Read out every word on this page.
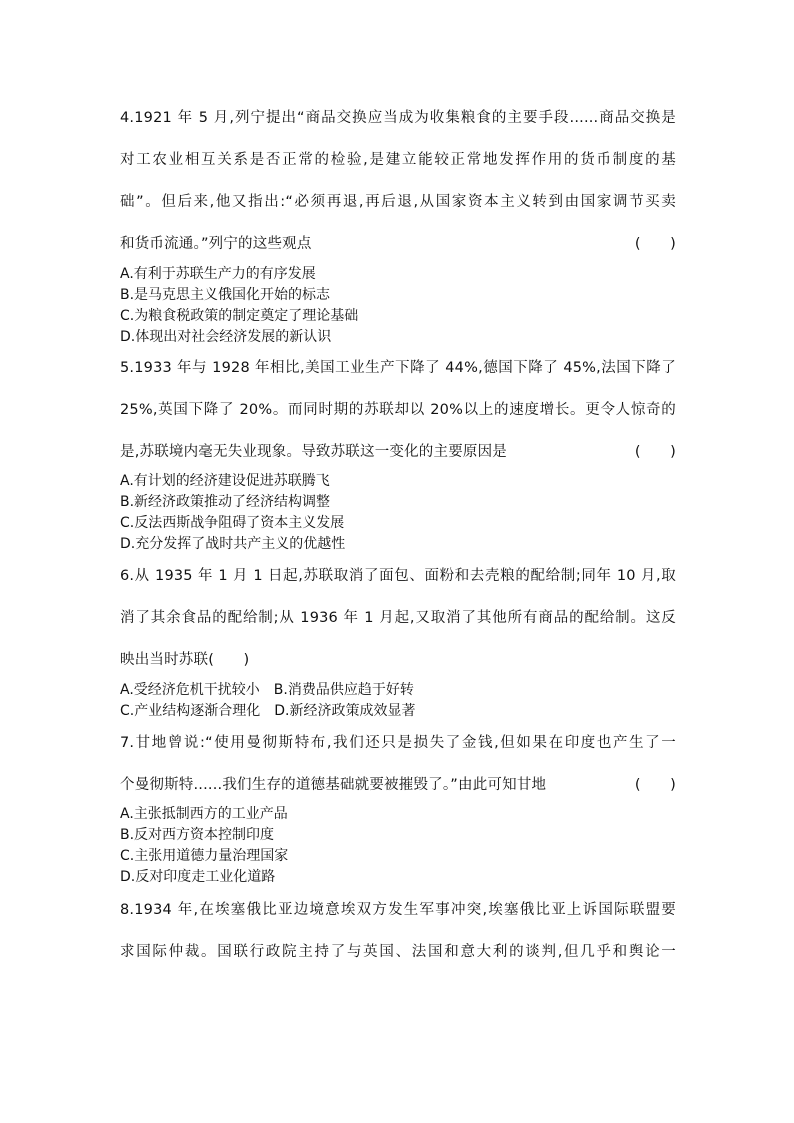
4.1921 年 5 月,列宁提出“商品交换应当成为收集粮食的主要手段......商品交换是
对工农业相互关系是否正常的检验,是建立能较正常地发挥作用的货币制度的基
础”。但后来,他又指出:“必须再退,再后退,从国家资本主义转到由国家调节买卖
和货币流通。”列宁的这些观点	(　　)
A.有利于苏联生产力的有序发展
B.是马克思主义俄国化开始的标志
C.为粮食税政策的制定奠定了理论基础
D.体现出对社会经济发展的新认识
5.1933 年与 1928 年相比,美国工业生产下降了 44%,德国下降了 45%,法国下降了
25%,英国下降了 20%。而同时期的苏联却以 20%以上的速度增长。更令人惊奇的
是,苏联境内毫无失业现象。导致苏联这一变化的主要原因是	(　　)
A.有计划的经济建设促进苏联腾飞
B.新经济政策推动了经济结构调整
C.反法西斯战争阻碍了资本主义发展
D.充分发挥了战时共产主义的优越性
6.从 1935 年 1 月 1 日起,苏联取消了面包、面粉和去壳粮的配给制;同年 10 月,取
消了其余食品的配给制;从 1936 年 1 月起,又取消了其他所有商品的配给制。这反
映出当时苏联(　　)
A.受经济危机干扰较小　B.消费品供应趋于好转
C.产业结构逐渐合理化　D.新经济政策成效显著
7.甘地曾说:“使用曼彻斯特布,我们还只是损失了金钱,但如果在印度也产生了一
个曼彻斯特......我们生存的道德基础就要被摧毁了。”由此可知甘地	(　　)
A.主张抵制西方的工业产品
B.反对西方资本控制印度
C.主张用道德力量治理国家
D.反对印度走工业化道路
8.1934 年,在埃塞俄比亚边境意埃双方发生军事冲突,埃塞俄比亚上诉国际联盟要
求国际仲裁。国联行政院主持了与英国、法国和意大利的谈判,但几乎和舆论一
